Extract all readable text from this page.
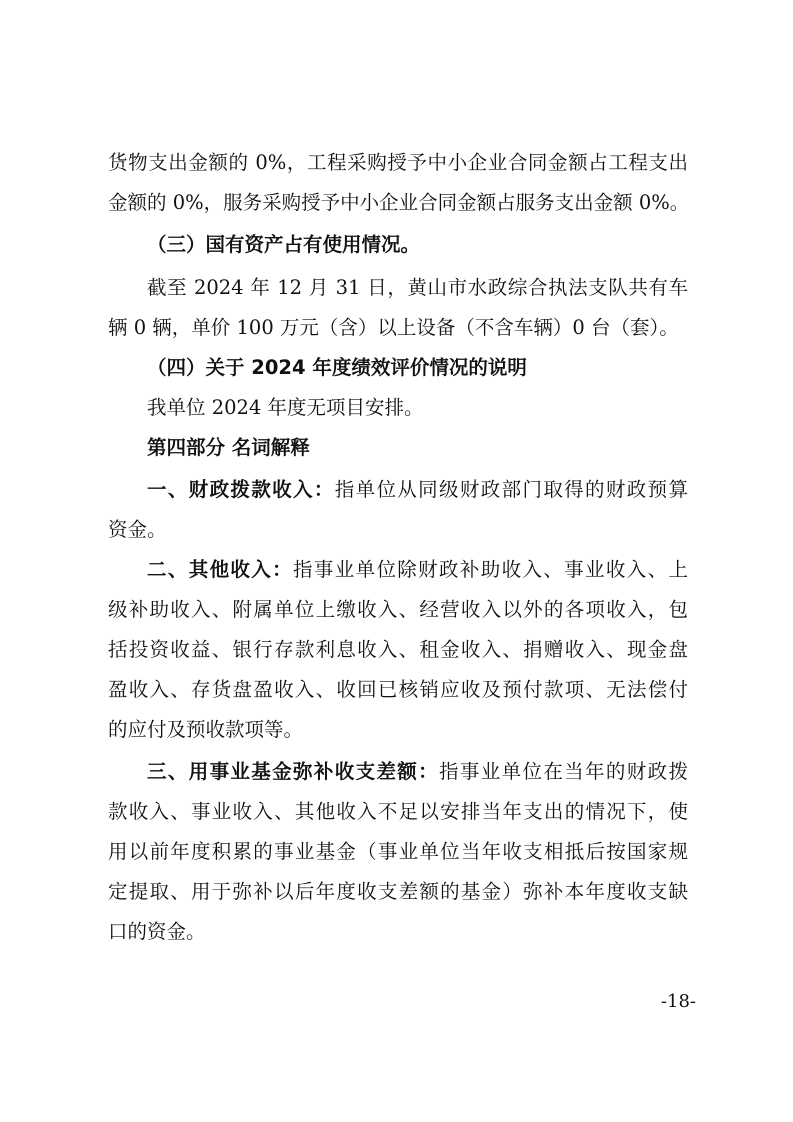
货物支出金额的 0%，工程采购授予中小企业合同金额占工程支出
金额的 0%，服务采购授予中小企业合同金额占服务支出金额 0%。
（三）国有资产占有使用情况。
截至 2024 年 12 月 31 日，黄山市水政综合执法支队共有车
辆 0 辆，单价 100 万元（含）以上设备（不含车辆）0 台（套）。
（四）关于 2024 年度绩效评价情况的说明
我单位 2024 年度无项目安排。
第四部分 名词解释
一、财政拨款收入：指单位从同级财政部门取得的财政预算
资金。
二、其他收入：指事业单位除财政补助收入、事业收入、上
级补助收入、附属单位上缴收入、经营收入以外的各项收入，包
括投资收益、银行存款利息收入、租金收入、捐赠收入、现金盘
盈收入、存货盘盈收入、收回已核销应收及预付款项、无法偿付
的应付及预收款项等。
三、用事业基金弥补收支差额：指事业单位在当年的财政拨
款收入、事业收入、其他收入不足以安排当年支出的情况下，使
用以前年度积累的事业基金（事业单位当年收支相抵后按国家规
定提取、用于弥补以后年度收支差额的基金）弥补本年度收支缺
口的资金。
-18-
